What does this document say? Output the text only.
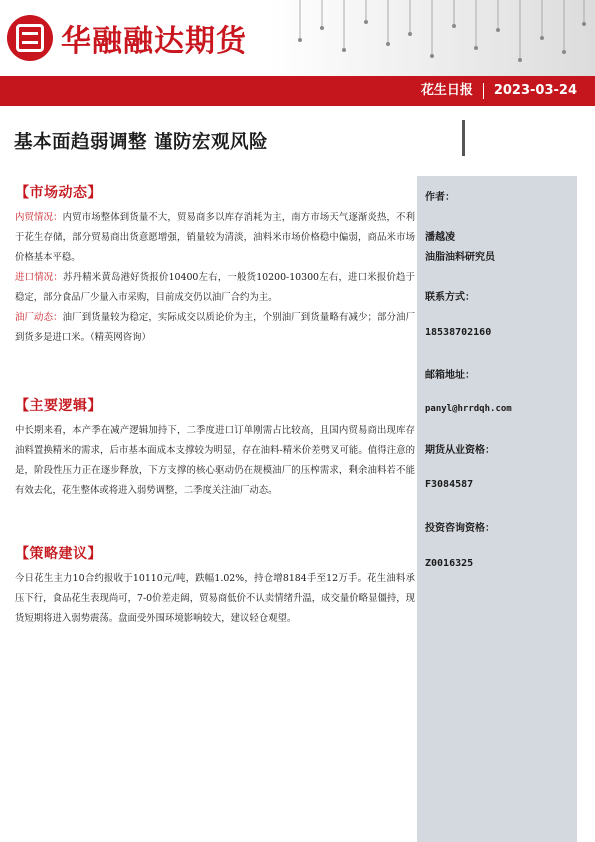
华融融达期货
花生日报 2023-03-24
基本面趋弱调整 谨防宏观风险
【市场动态】
内贸情况：内贸市场整体到货量不大，贸易商多以库存消耗为主，南方市场天气逐渐炎热，不利于花生存储，部分贸易商出货意愿增强，销量较为清淡，油料米市场价格稳中偏弱，商品米市场价格基本平稳。
进口情况：苏丹精米黄岛港好货报价10400左右，一般货10200-10300左右，进口米报价趋于稳定，部分食品厂少量入市采购，目前成交仍以油厂合约为主。
油厂动态：油厂到货量较为稳定，实际成交以质论价为主，个别油厂到货量略有减少；部分油厂到货多是进口米。（精英网咨询）
【主要逻辑】
中长期来看，本产季在减产逻辑加持下，二季度进口订单刚需占比较高，且国内贸易商出现库存油料置换精米的需求，后市基本面成本支撑较为明显，存在油料-精米价差劈叉可能。值得注意的是，阶段性压力正在逐步释放，下方支撑的核心驱动仍在规模油厂的压榨需求，剩余油料若不能有效去化，花生整体或将进入弱势调整，二季度关注油厂动态。
【策略建议】
今日花生主力10合约报收于10110元/吨，跌幅1.02%，持仓增8184手至12万手。花生油料承压下行，食品花生表现尚可，7-0价差走阔，贸易商低价不认卖情绪升温，成交量价略显僵持，现货短期将进入弱势震荡。盘面受外围环境影响较大，建议轻仓观望。
作者：
潘越凌
油脂油料研究员
联系方式：
18538702160
邮箱地址：
panyl@hrrdqh.com
期货从业资格：
F3084587
投资咨询资格：
Z0016325
